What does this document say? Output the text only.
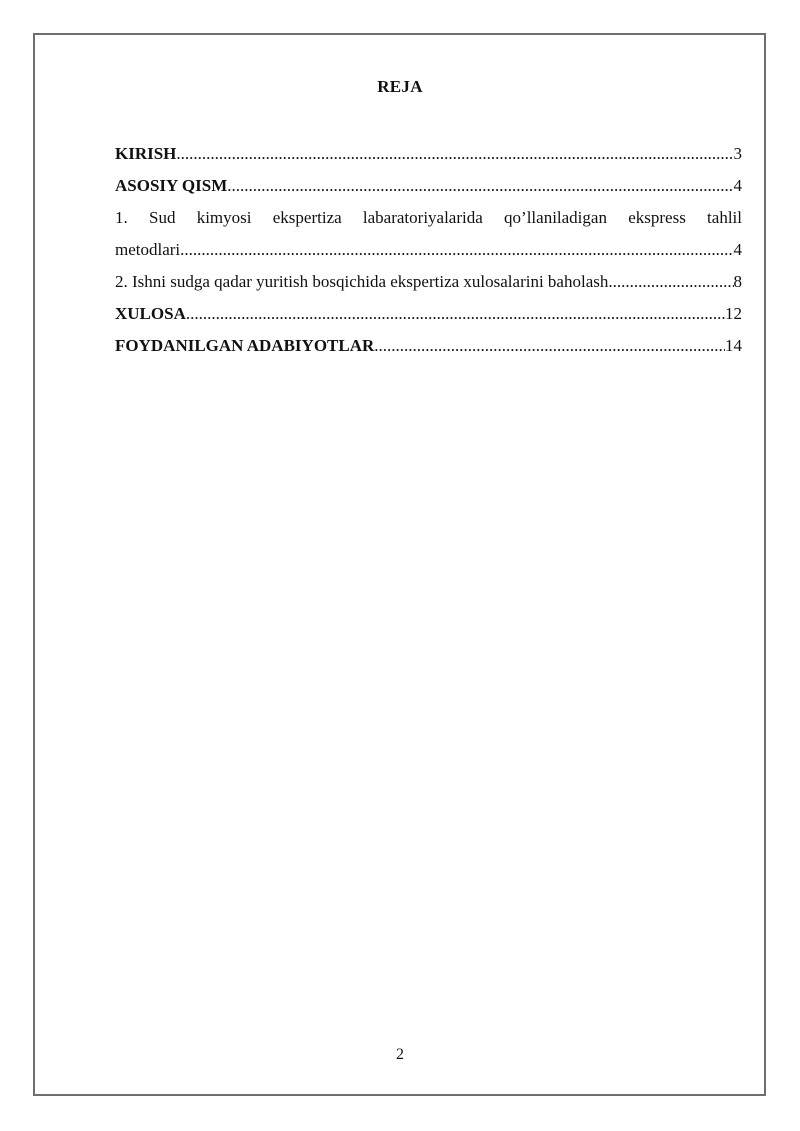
REJA
KIRISH .....	3
ASOSIY QISM .....	4
1. Sud kimyosi ekspertiza labaratoriyalarida qo’llaniladigan ekspress tahlil
metodlari .....	4
2. Ishni sudga qadar yuritish bosqichida ekspertiza xulosalarini baholash .....	8
XULOSA .....	12
FOYDANILGAN ADABIYOTLAR .....	14
2
